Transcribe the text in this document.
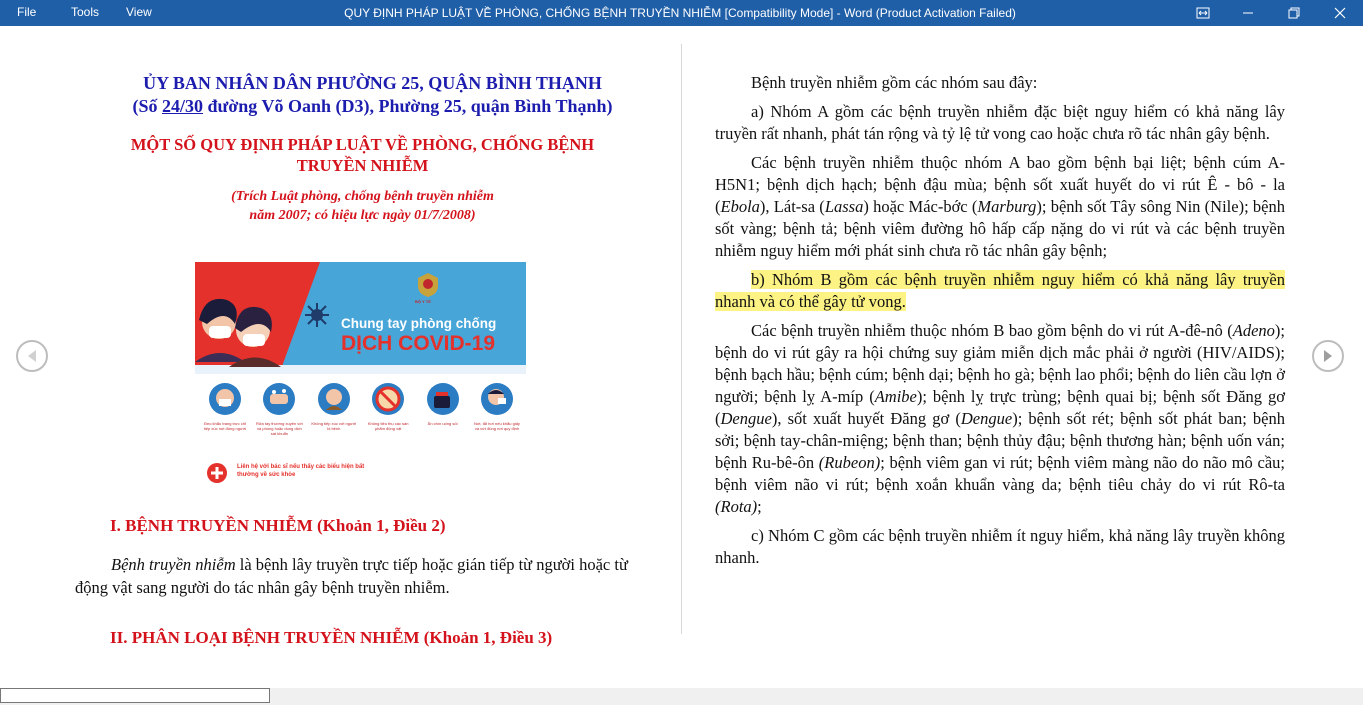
File	Tools View	QUY ĐỊNH PHÁP LUẬT VỀ PHÒNG, CHỐNG BỆNH TRUYỀN NHIỄM [Compatibility Mode] - Word (Product Activation Failed)
ỦY BAN NHÂN DÂN PHƯỜNG 25, QUẬN BÌNH THẠNH
(Số 24/30 đường Võ Oanh (D3), Phường 25, quận Bình Thạnh)
MỘT SỐ QUY ĐỊNH PHÁP LUẬT VỀ PHÒNG, CHỐNG BỆNH
TRUYỀN NHIỄM
(Trích Luật phòng, chống bệnh truyền nhiễm
năm 2007; có hiệu lực ngày 01/7/2008)
BỘ Y TẾ
Chung tay phòng chống
DỊCH COVID-19
Đeo khẩu trang trực chỉ tiếp xúc nơi đông người
Rửa tay thường xuyên với xà phòng hoặc dung dịch sát khuẩn
Không tiếp xúc với người bị bệnh
Không tiêu thụ các sản phẩm động vật
Ăn chín uống sôi	Nơi, tắt hơi nếu khẩu giấy và vứt đúng nơi quy định
Liên hệ với bác sĩ nếu thấy các biểu hiện bất thường về sức khỏe
I. BỆNH TRUYỀN NHIỄM (Khoản 1, Điều 2)
Bệnh truyền nhiễm là bệnh lây truyền trực tiếp hoặc gián tiếp từ người hoặc từ động vật sang người do tác nhân gây bệnh truyền nhiễm.
II. PHÂN LOẠI BỆNH TRUYỀN NHIỄM (Khoản 1, Điều 3)

Bệnh truyền nhiễm gồm các nhóm sau đây:

a) Nhóm A gồm các bệnh truyền nhiễm đặc biệt nguy hiểm có khả năng lây truyền rất nhanh, phát tán rộng và tỷ lệ tử vong cao hoặc chưa rõ tác nhân gây bệnh.

Các bệnh truyền nhiễm thuộc nhóm A bao gồm bệnh bại liệt; bệnh cúm A-H5N1; bệnh dịch hạch; bệnh đậu mùa; bệnh sốt xuất huyết do vi rút Ê - bô - la (Ebola), Lát-sa (Lassa) hoặc Mác-bớc (Marburg); bệnh sốt Tây sông Nin (Nile); bệnh sốt vàng; bệnh tả; bệnh viêm đường hô hấp cấp nặng do vi rút và các bệnh truyền nhiễm nguy hiểm mới phát sinh chưa rõ tác nhân gây bệnh;

b) Nhóm B gồm các bệnh truyền nhiễm nguy hiểm có khả năng lây truyền nhanh và có thể gây tử vong.

Các bệnh truyền nhiễm thuộc nhóm B bao gồm bệnh do vi rút A-đê-nô (Adeno); bệnh do vi rút gây ra hội chứng suy giảm miễn dịch mắc phải ở người (HIV/AIDS); bệnh bạch hầu; bệnh cúm; bệnh dại; bệnh ho gà; bệnh lao phổi; bệnh do liên cầu lợn ở người; bệnh lỵ A-míp (Amibe); bệnh lỵ trực trùng; bệnh quai bị; bệnh sốt Đăng gơ (Dengue), sốt xuất huyết Đăng gơ (Dengue); bệnh sốt rét; bệnh sốt phát ban; bệnh sởi; bệnh tay-chân-miệng; bệnh than; bệnh thủy đậu; bệnh thương hàn; bệnh uốn ván; bệnh Ru-bê-ôn (Rubeon); bệnh viêm gan vi rút; bệnh viêm màng não do não mô cầu; bệnh viêm não vi rút; bệnh xoắn khuẩn vàng da; bệnh tiêu chảy do vi rút Rô-ta (Rota);

c) Nhóm C gồm các bệnh truyền nhiễm ít nguy hiểm, khả năng lây truyền không nhanh.
